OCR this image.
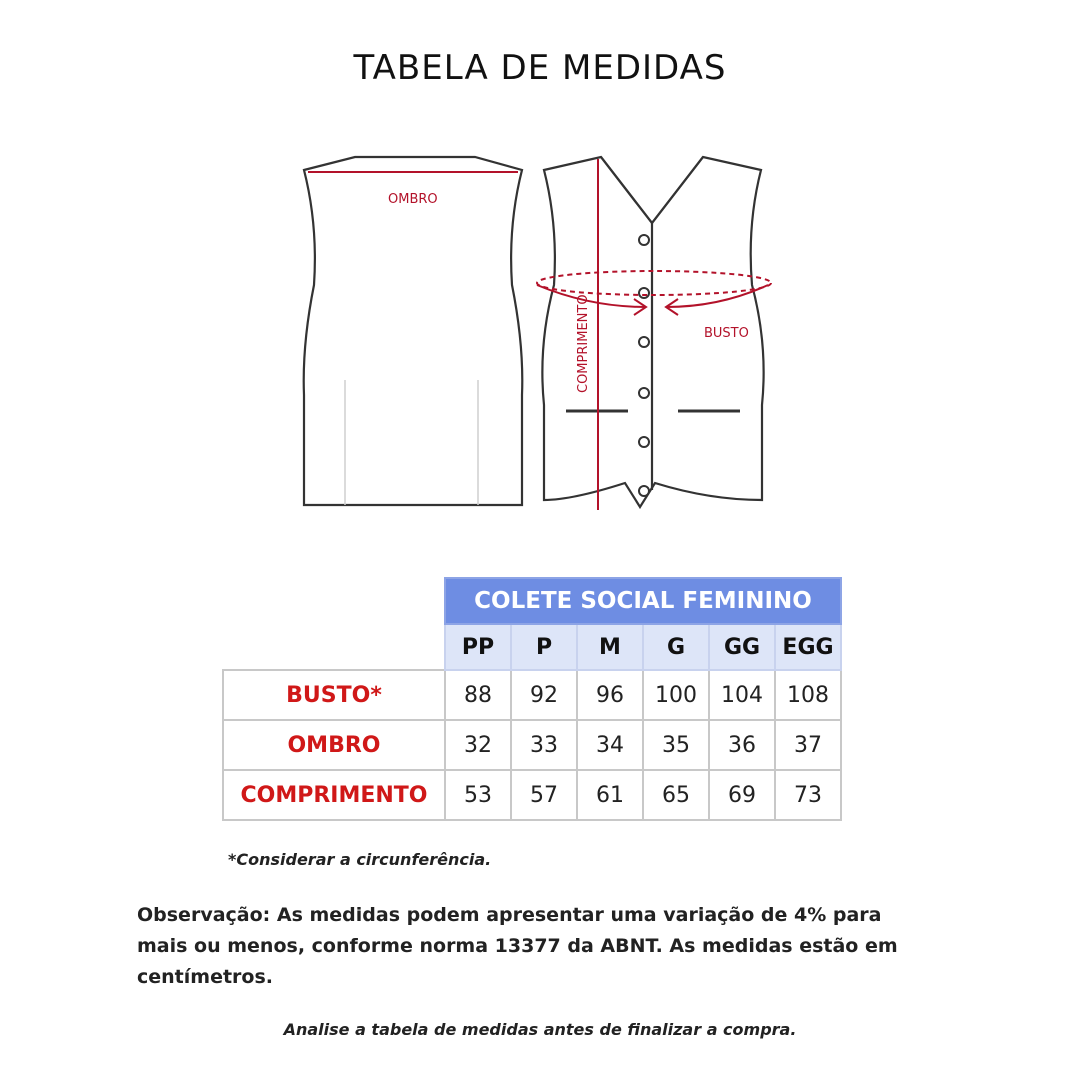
TABELA DE MEDIDAS
OMBRO
BUSTO
COMPRIMENTO
	COLETE SOCIAL FEMININO					
	PP	P	M	G	GG	EGG
BUSTO*	88	92	96	100	104	108
OMBRO	32	33	34	35	36	37
COMPRIMENTO	53	57	61	65	69	73
*Considerar a circunferência.
Observação: As medidas podem apresentar uma variação de 4% para mais ou menos, conforme norma 13377 da ABNT. As medidas estão em centímetros.
Analise a tabela de medidas antes de finalizar a compra.
